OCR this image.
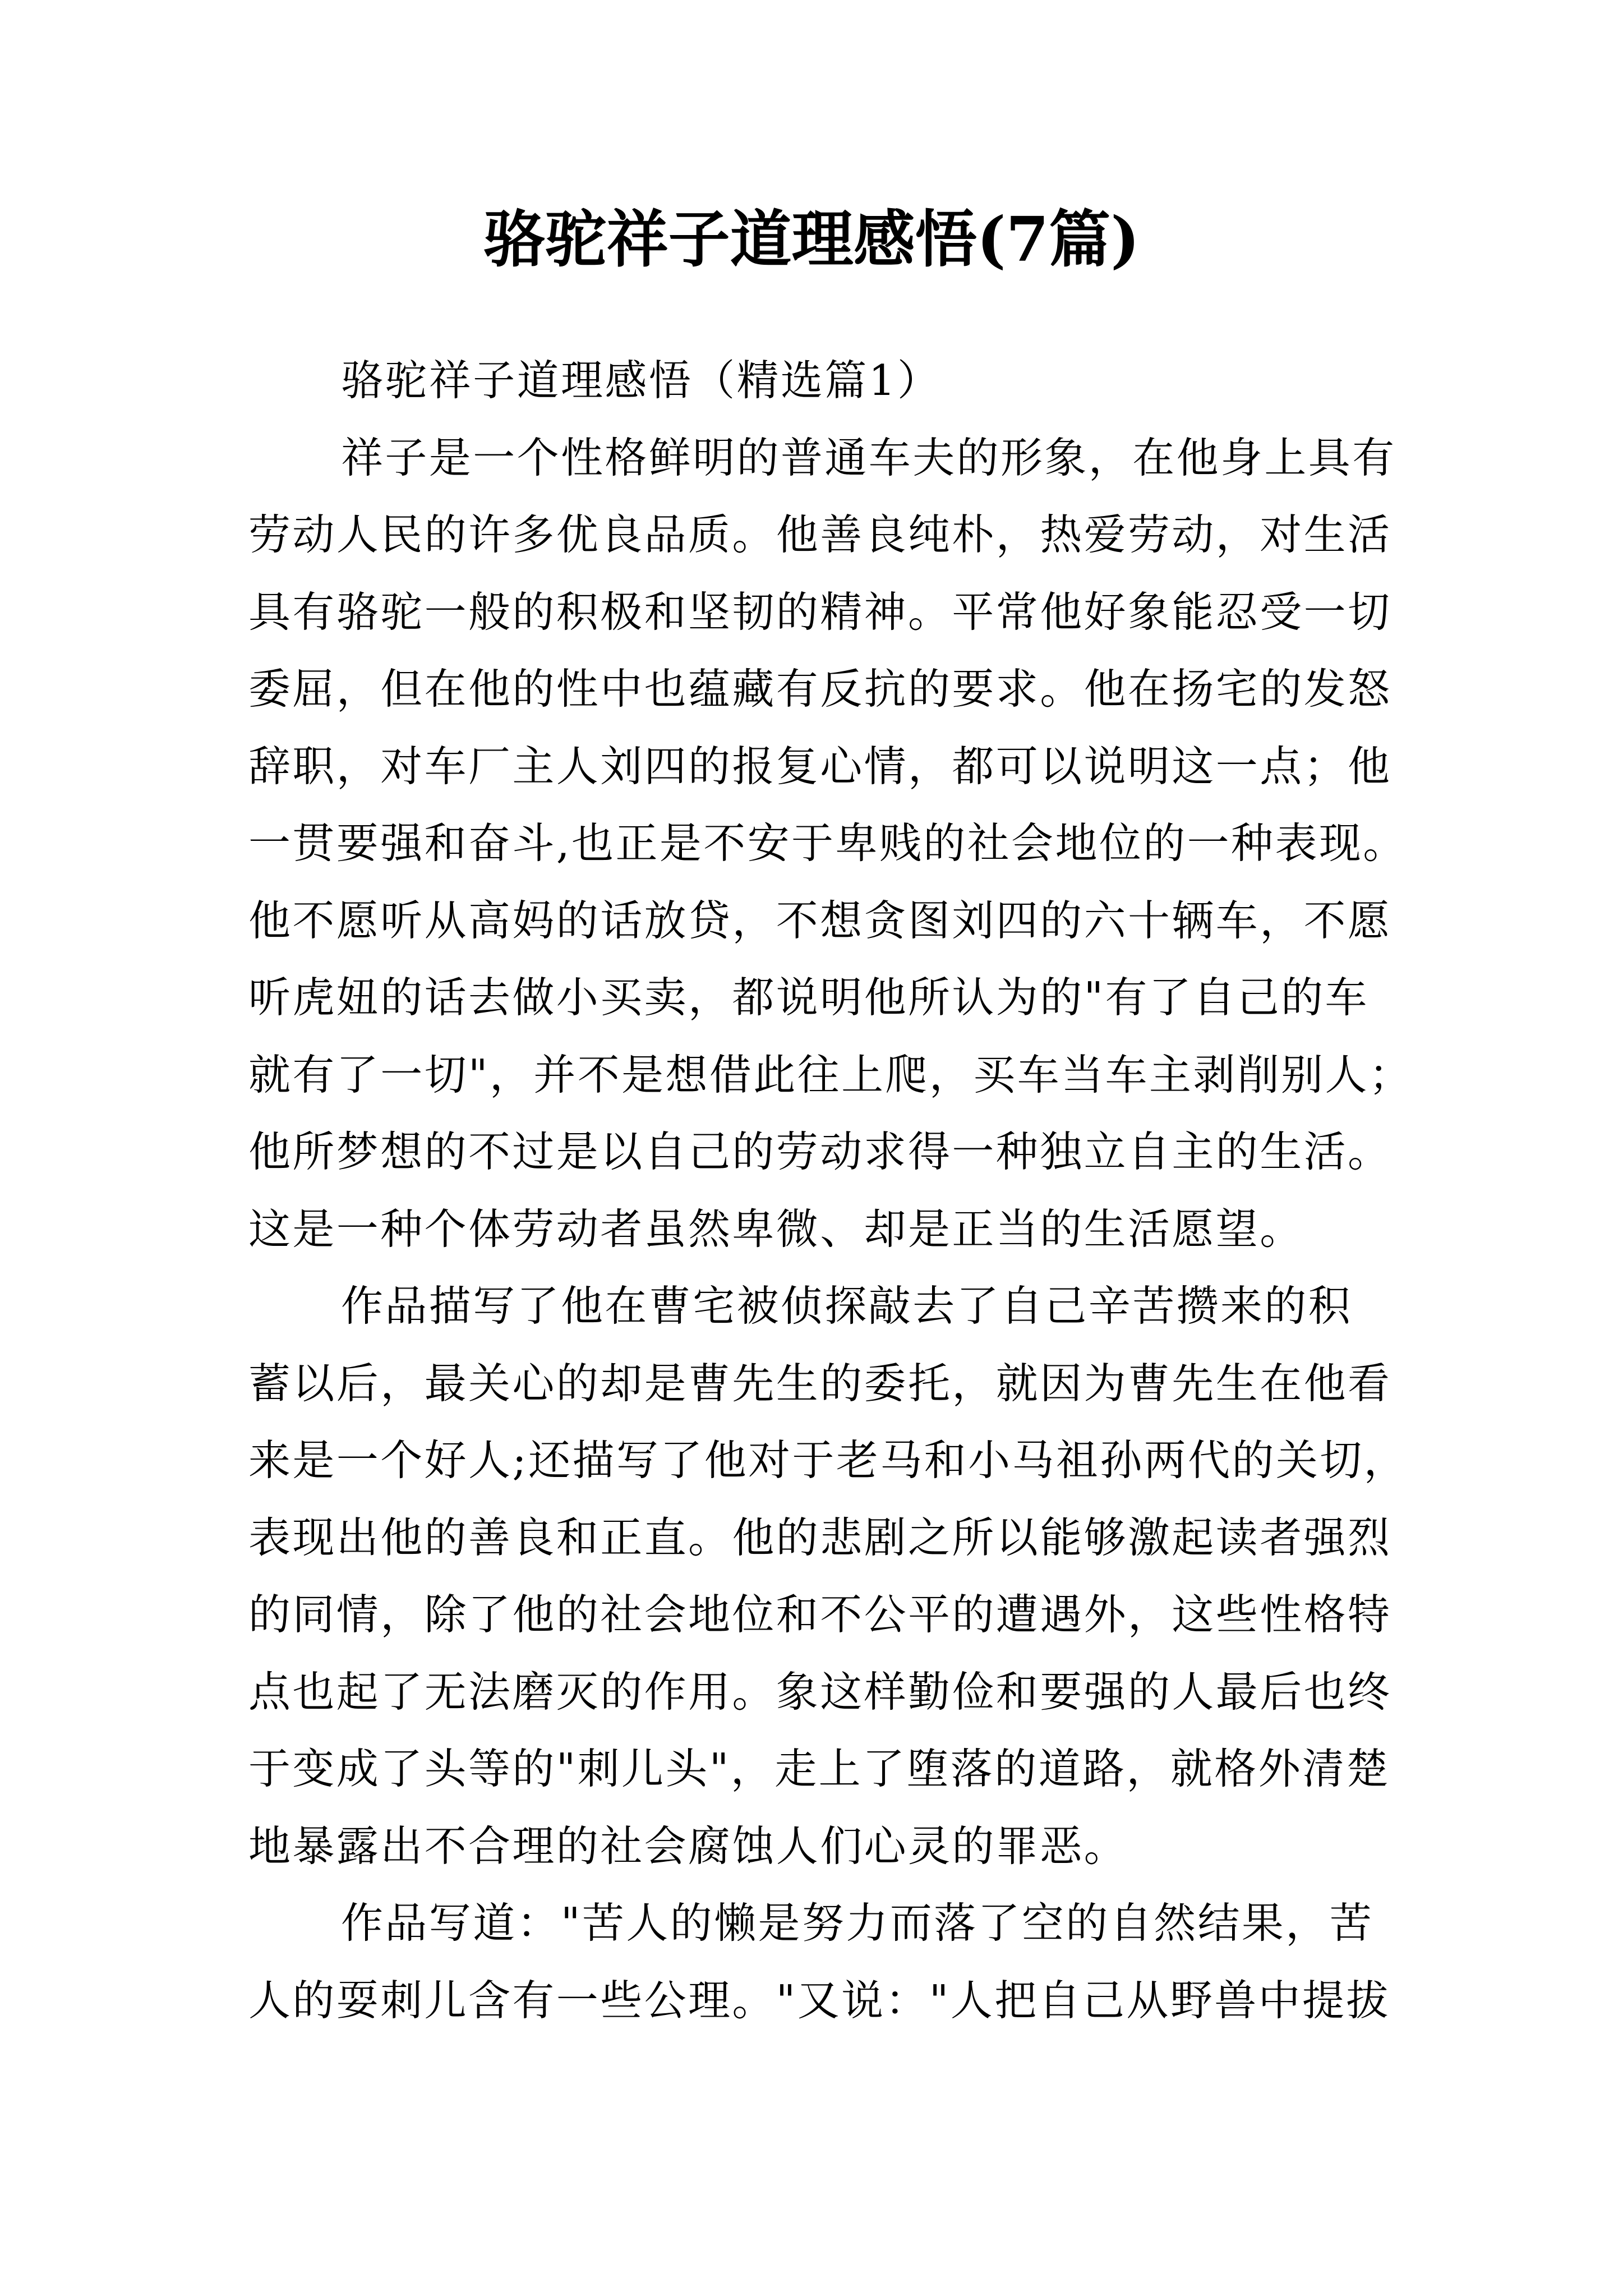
骆驼祥子道理感悟(7篇)
骆驼祥子道理感悟（精选篇1）
祥子是一个性格鲜明的普通车夫的形象，在他身上具有
劳动人民的许多优良品质。他善良纯朴，热爱劳动，对生活
具有骆驼一般的积极和坚韧的精神。平常他好象能忍受一切
委屈，但在他的性中也蕴藏有反抗的要求。他在扬宅的发怒
辞职，对车厂主人刘四的报复心情，都可以说明这一点；他
一贯要强和奋斗,也正是不安于卑贱的社会地位的一种表现。
他不愿听从高妈的话放贷，不想贪图刘四的六十辆车，不愿
听虎妞的话去做小买卖，都说明他所认为的"有了自己的车
就有了一切"，并不是想借此往上爬，买车当车主剥削别人；
他所梦想的不过是以自己的劳动求得一种独立自主的生活。
这是一种个体劳动者虽然卑微、却是正当的生活愿望。
作品描写了他在曹宅被侦探敲去了自己辛苦攒来的积
蓄以后，最关心的却是曹先生的委托，就因为曹先生在他看
来是一个好人;还描写了他对于老马和小马祖孙两代的关切，
表现出他的善良和正直。他的悲剧之所以能够激起读者强烈
的同情，除了他的社会地位和不公平的遭遇外，这些性格特
点也起了无法磨灭的作用。象这样勤俭和要强的人最后也终
于变成了头等的"刺儿头"，走上了堕落的道路，就格外清楚
地暴露出不合理的社会腐蚀人们心灵的罪恶。
作品写道："苦人的懒是努力而落了空的自然结果，苦
人的耍刺儿含有一些公理。"又说："人把自己从野兽中提拔
